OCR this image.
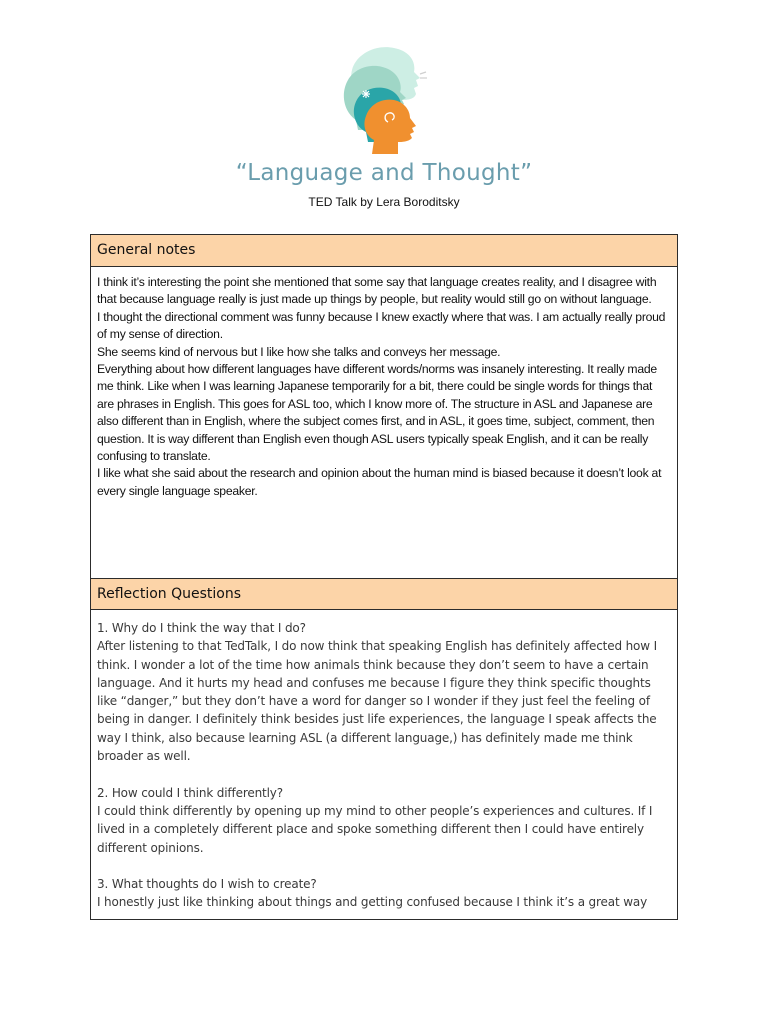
“Language and Thought”
TED Talk by Lera Boroditsky
General notes

I think it’s interesting the point she mentioned that some say that language creates reality, and I disagree with that because language really is just made up things by people, but reality would still go on without language.

I thought the directional comment was funny because I knew exactly where that was. I am actually really proud of my sense of direction.

She seems kind of nervous but I like how she talks and conveys her message.

Everything about how different languages have different words/norms was insanely interesting. It really made me think. Like when I was learning Japanese temporarily for a bit, there could be single words for things that are phrases in English. This goes for ASL too, which I know more of. The structure in ASL and Japanese are also different than in English, where the subject comes first, and in ASL, it goes time, subject, comment, then question. It is way different than English even though ASL users typically speak English, and it can be really confusing to translate.

I like what she said about the research and opinion about the human mind is biased because it doesn’t look at every single language speaker.

Reflection Questions

1. Why do I think the way that I do?

After listening to that TedTalk, I do now think that speaking English has definitely affected how I think. I wonder a lot of the time how animals think because they don’t seem to have a certain language. And it hurts my head and confuses me because I figure they think specific thoughts like “danger,” but they don’t have a word for danger so I wonder if they just feel the feeling of being in danger. I definitely think besides just life experiences, the language I speak affects the way I think, also because learning ASL (a different language,) has definitely made me think broader as well.

2. How could I think differently?

I could think differently by opening up my mind to other people’s experiences and cultures. If I lived in a completely different place and spoke something different then I could have entirely different opinions.

3. What thoughts do I wish to create?

I honestly just like thinking about things and getting confused because I think it’s a great way
